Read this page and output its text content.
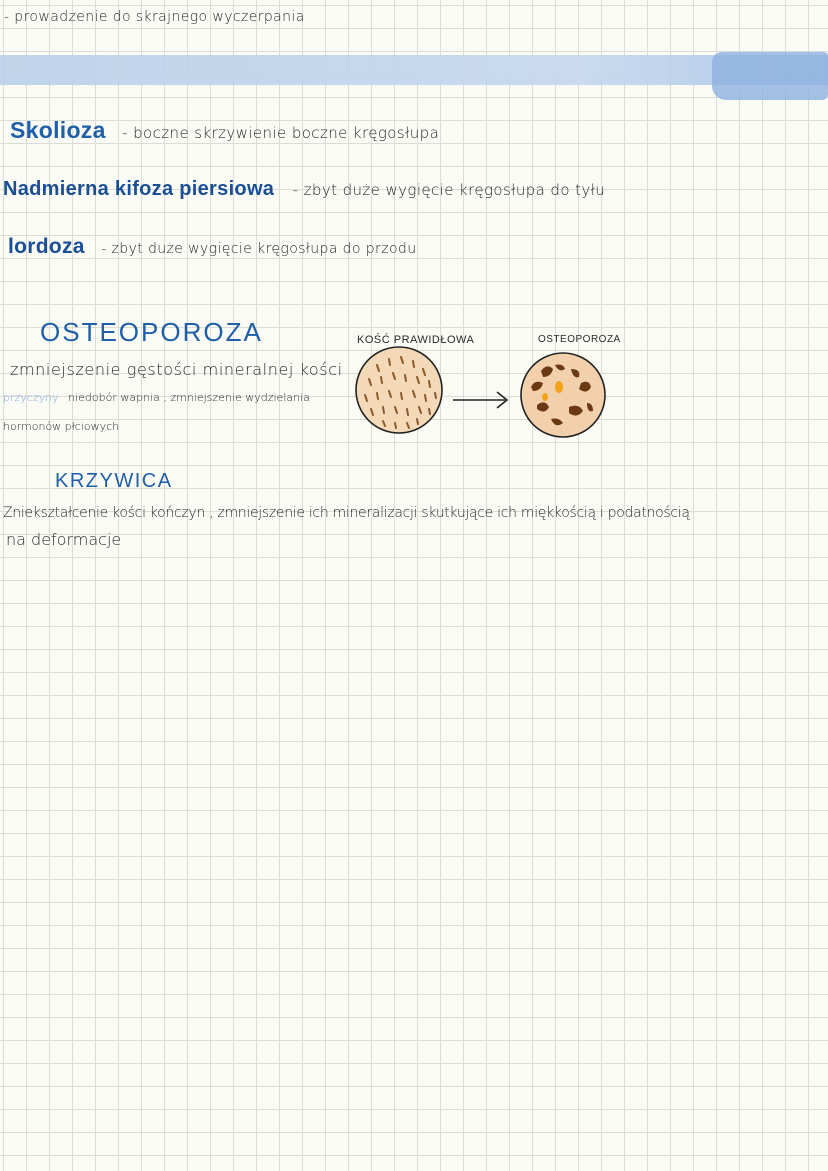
- prowadzenie do skrajnego wyczerpania
Skolioza - boczne skrzywienie boczne kręgosłupa
Nadmierna kifoza piersiowa - zbyt duże wygięcie kręgosłupa do tyłu
lordoza - zbyt duże wygięcie kręgosłupa do przodu
OSTEOPOROZA
zmniejszenie gęstości mineralnej kości
przyczyny niedobór wapnia , zmniejszenie wydzielania
hormonów płciowych
KOŚĆ PRAWIDŁOWA	OSTEOPOROZA
KRZYWICA
Zniekształcenie kości kończyn , zmniejszenie ich mineralizacji skutkujące ich miękkością i podatnością
na deformacje
